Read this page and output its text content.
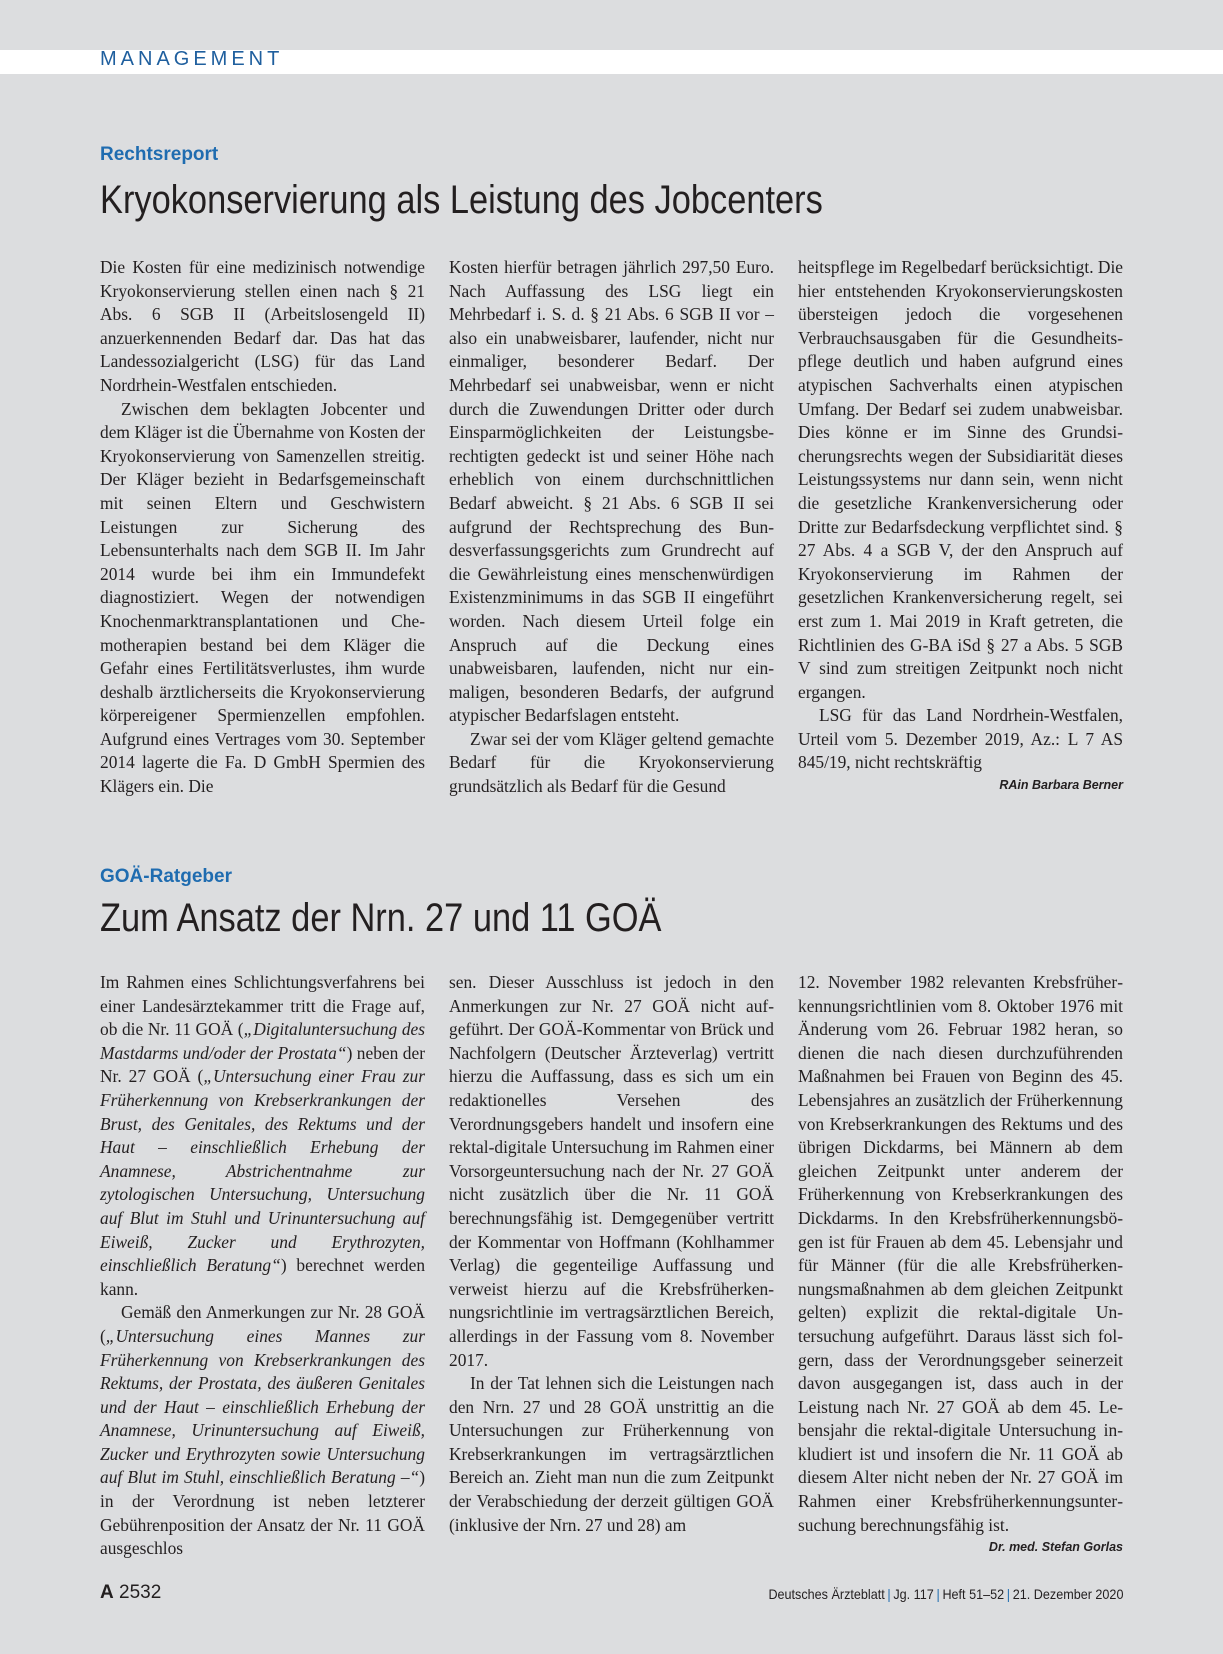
MANAGEMENT
Rechtsreport
Kryokonservierung als Leistung des Jobcenters

Die Kosten für eine medizinisch notwendige Kryokonservierung stellen einen nach § 21 Abs. 6 SGB II (Arbeitslosengeld II) anzuerkennenden Bedarf dar. Das hat das Landessozialgericht (LSG) für das Land Nordrhein-Westfalen entschieden.

Zwischen dem beklagten Jobcenter und dem Kläger ist die Übernahme von Kosten der Kryokonservierung von Samenzellen streitig. Der Kläger bezieht in Bedarfsgemeinschaft mit seinen Eltern und Geschwistern Leistungen zur Sicherung des Lebensunterhalts nach dem SGB II. Im Jahr 2014 wurde bei ihm ein Immundefekt diagnostiziert. Wegen der notwendigen Knochenmarktransplantationen und Chemotherapien bestand bei dem Kläger die Gefahr eines Fertilitätsverlustes, ihm wurde deshalb ärztlicherseits die Kryokonservierung körpereigener Spermienzellen empfohlen. Aufgrund eines Vertrages vom 30. September 2014 lagerte die Fa. D GmbH Spermien des Klägers ein. Die

Kosten hierfür betragen jährlich 297,50 Euro. Nach Auffassung des LSG liegt ein Mehrbedarf i. S. d. § 21 Abs. 6 SGB II vor – also ein unabweisbarer, laufender, nicht nur einmaliger, besonderer Bedarf. Der Mehrbedarf sei unabweisbar, wenn er nicht durch die Zuwendungen Dritter oder durch Einsparmöglichkeiten der Leistungsberechtigten gedeckt ist und seiner Höhe nach erheblich von einem durchschnittlichen Bedarf abweicht. § 21 Abs. 6 SGB II sei aufgrund der Rechtsprechung des Bundesverfassungsgerichts zum Grundrecht auf die Gewährleistung eines menschenwürdigen Existenzminimums in das SGB II eingeführt worden. Nach diesem Urteil folge ein Anspruch auf die Deckung eines unabweisbaren, laufenden, nicht nur einmaligen, besonderen Bedarfs, der aufgrund atypischer Bedarfslagen entsteht.

Zwar sei der vom Kläger geltend gemachte Bedarf für die Kryokonservierung grundsätzlich als Bedarf für die Gesund

heitspflege im Regelbedarf berücksichtigt. Die hier entstehenden Kryokonservierungskosten übersteigen jedoch die vorgesehenen Verbrauchsausgaben für die Gesundheitspflege deutlich und haben aufgrund eines atypischen Sachverhalts einen atypischen Umfang. Der Bedarf sei zudem unabweisbar. Dies könne er im Sinne des Grundsicherungsrechts wegen der Subsidiarität dieses Leistungssystems nur dann sein, wenn nicht die gesetzliche Krankenversicherung oder Dritte zur Bedarfsdeckung verpflichtet sind. § 27 Abs. 4 a SGB V, der den Anspruch auf Kryokonservierung im Rahmen der gesetzlichen Krankenversicherung regelt, sei erst zum 1. Mai 2019 in Kraft getreten, die Richtlinien des G-BA iSd § 27 a Abs. 5 SGB V sind zum streitigen Zeitpunkt noch nicht ergangen.

LSG für das Land Nordrhein-Westfalen, Urteil vom 5. Dezember 2019, Az.: L 7 AS 845/19, nicht rechtskräftig

RAin Barbara Berner
GOÄ-Ratgeber
Zum Ansatz der Nrn. 27 und 11 GOÄ

Im Rahmen eines Schlichtungsverfahrens bei einer Landesärztekammer tritt die Frage auf, ob die Nr. 11 GOÄ („Digitaluntersuchung des Mastdarms und/oder der Prostata“) neben der Nr. 27 GOÄ („Untersuchung einer Frau zur Früherkennung von Krebserkrankungen der Brust, des Genitales, des Rektums und der Haut – einschließlich Erhebung der Anamnese, Abstrichentnahme zur zytologischen Untersuchung, Untersuchung auf Blut im Stuhl und Urinuntersuchung auf Eiweiß, Zucker und Erythrozyten, einschließlich Beratung“) berechnet werden kann.

Gemäß den Anmerkungen zur Nr. 28 GOÄ („Untersuchung eines Mannes zur Früherkennung von Krebserkrankungen des Rektums, der Prostata, des äußeren Genitales und der Haut – einschließlich Erhebung der Anamnese, Urinuntersuchung auf Eiweiß, Zucker und Erythrozyten sowie Untersuchung auf Blut im Stuhl, einschließlich Beratung –“) in der Verordnung ist neben letzterer Gebührenposition der Ansatz der Nr. 11 GOÄ ausgeschlos

sen. Dieser Ausschluss ist jedoch in den Anmerkungen zur Nr. 27 GOÄ nicht aufgeführt. Der GOÄ-Kommentar von Brück und Nachfolgern (Deutscher Ärzteverlag) vertritt hierzu die Auffassung, dass es sich um ein redaktionelles Versehen des Verordnungsgebers handelt und insofern eine rektal-digitale Untersuchung im Rahmen einer Vorsorgeuntersuchung nach der Nr. 27 GOÄ nicht zusätzlich über die Nr. 11 GOÄ berechnungsfähig ist. Demgegenüber vertritt der Kommentar von Hoffmann (Kohlhammer Verlag) die gegenteilige Auffassung und verweist hierzu auf die Krebsfrüherkennungsrichtlinie im vertragsärztlichen Bereich, allerdings in der Fassung vom 8. November 2017.

In der Tat lehnen sich die Leistungen nach den Nrn. 27 und 28 GOÄ unstrittig an die Untersuchungen zur Früherkennung von Krebserkrankungen im vertragsärztlichen Bereich an. Zieht man nun die zum Zeitpunkt der Verabschiedung der derzeit gültigen GOÄ (inklusive der Nrn. 27 und 28) am

12. November 1982 relevanten Krebsfrüherkennungsrichtlinien vom 8. Oktober 1976 mit Änderung vom 26. Februar 1982 heran, so dienen die nach diesen durchzuführenden Maßnahmen bei Frauen von Beginn des 45. Lebensjahres an zusätzlich der Früherkennung von Krebserkrankungen des Rektums und des übrigen Dickdarms, bei Männern ab dem gleichen Zeitpunkt unter anderem der Früherkennung von Krebserkrankungen des Dickdarms. In den Krebsfrüherkennungsbögen ist für Frauen ab dem 45. Lebensjahr und für Männer (für die alle Krebsfrüherkennungsmaßnahmen ab dem gleichen Zeitpunkt gelten) explizit die rektal-digitale Untersuchung aufgeführt. Daraus lässt sich folgern, dass der Verordnungsgeber seinerzeit davon ausgegangen ist, dass auch in der Leistung nach Nr. 27 GOÄ ab dem 45. Lebensjahr die rektal-digitale Untersuchung inkludiert ist und insofern die Nr. 11 GOÄ ab diesem Alter nicht neben der Nr. 27 GOÄ im Rahmen einer Krebsfrüherkennungsuntersuchung berechnungsfähig ist.

Dr. med. Stefan Gorlas
A 2532	Deutsches Ärzteblatt | Jg. 117 | Heft 51–52 | 21. Dezember 2020
